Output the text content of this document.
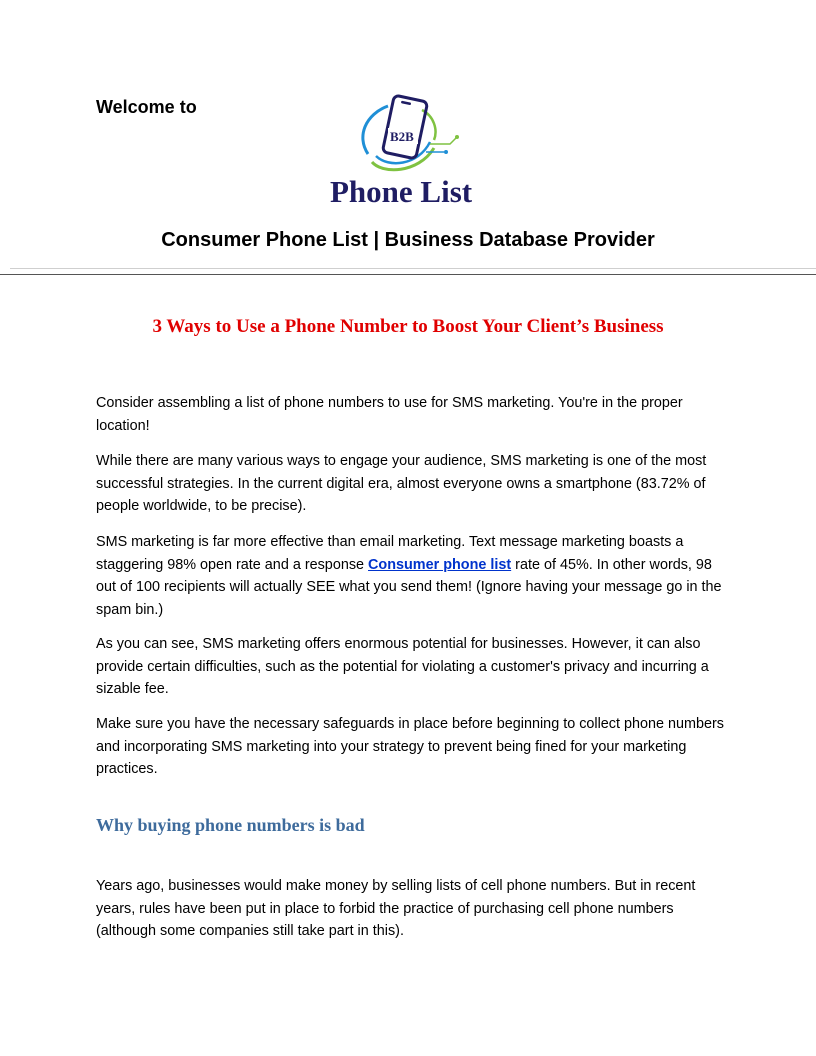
Welcome to
B2B
Phone List
Consumer Phone List | Business Database Provider
3 Ways to Use a Phone Number to Boost Your Client’s Business

Consider assembling a list of phone numbers to use for SMS marketing. You're in the proper location!

While there are many various ways to engage your audience, SMS marketing is one of the most successful strategies. In the current digital era, almost everyone owns a smartphone (83.72% of people worldwide, to be precise).

SMS marketing is far more effective than email marketing. Text message marketing boasts a staggering 98% open rate and a response Consumer phone list rate of 45%. In other words, 98 out of 100 recipients will actually SEE what you send them! (Ignore having your message go in the spam bin.)

As you can see, SMS marketing offers enormous potential for businesses. However, it can also provide certain difficulties, such as the potential for violating a customer's privacy and incurring a sizable fee.

Make sure you have the necessary safeguards in place before beginning to collect phone numbers and incorporating SMS marketing into your strategy to prevent being fined for your marketing practices.

Why buying phone numbers is bad

Years ago, businesses would make money by selling lists of cell phone numbers. But in recent years, rules have been put in place to forbid the practice of purchasing cell phone numbers (although some companies still take part in this).
